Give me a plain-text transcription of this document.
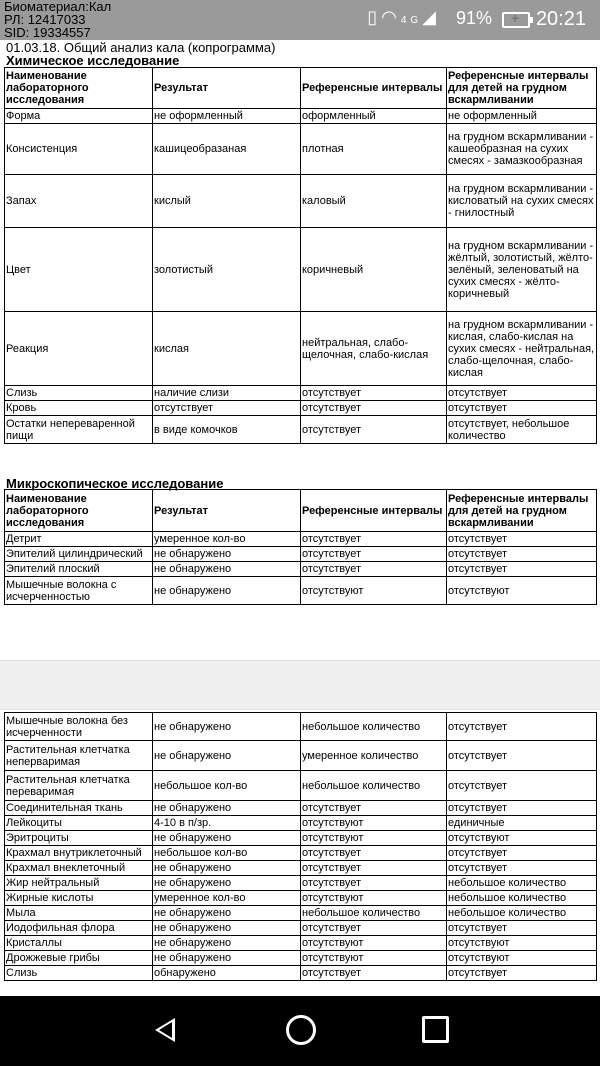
▯◠4G◢ 91% + 20:21
Биоматериал:Кал
РЛ: 12417033
SID: 19334557
01.03.18. Общий анализ кала (копрограмма)
Химическое исследование
Наименование лабораторного исследования	Результат	Референсные интервалы	Референсные интервалы для детей на грудном вскармливании
Форма	не оформленный	оформленный	не оформленный
Консистенция	кашицеобразаная	плотная	на грудном вскармливании - кашеобразная на сухих смесях - замазкообразная
Запах	кислый	каловый	на грудном вскармливании - кисловатый на сухих смесях - гнилостный
Цвет	золотистый	коричневый	на грудном вскармливании - жёлтый, золотистый, жёлто-зелёный, зеленоватый на сухих смесях - жёлто-коричневый
Реакция	кислая	нейтральная, слабо-щелочная, слабо-кислая	на грудном вскармливании - кислая, слабо-кислая на сухих смесях - нейтральная, слабо-щелочная, слабо-кислая
Слизь	наличие слизи	отсутствует	отсутствует
Кровь	отсутствует	отсутствует	отсутствует
Остатки непереваренной пищи	в виде комочков	отсутствует	отсутствует, небольшое количество
Микроскопическое исследование
Наименование лабораторного исследования	Результат	Референсные интервалы	Референсные интервалы для детей на грудном вскармливании
Детрит	умеренное кол-во	отсутствует	отсутствует
Эпителий цилиндрический	не обнаружено	отсутствует	отсутствует
Эпителий плоский	не обнаружено	отсутствует	отсутствует
Мышечные волокна с исчерченностью	не обнаружено	отсутствуют	отсутствуют
Мышечные волокна без исчерченности	не обнаружено	небольшое количество	отсутствует
Растительная клетчатка неперваримая	не обнаружено	умеренное количество	отсутствует
Растительная клетчатка переваримая	небольшое кол-во	небольшое количество	отсутствует
Соединительная ткань	не обнаружено	отсутствует	отсутствует
Лейкоциты	4-10 в п/зр.	отсутствуют	единичные
Эритроциты	не обнаружено	отсутствуют	отсутствуют
Крахмал внутриклеточный	небольшое кол-во	отсутствует	отсутствует
Крахмал внеклеточный	не обнаружено	отсутствует	отсутствует
Жир нейтральный	не обнаружено	отсутствует	небольшое количество
Жирные кислоты	умеренное кол-во	отсутствуют	небольшое количество
Мыла	не обнаружено	небольшое количество	небольшое количество
Иодофильная флора	не обнаружено	отсутствует	отсутствует
Кристаллы	не обнаружено	отсутствуют	отсутствуют
Дрожжевые грибы	не обнаружено	отсутствуют	отсутствуют
Слизь	обнаружено	отсутствует	отсутствует
